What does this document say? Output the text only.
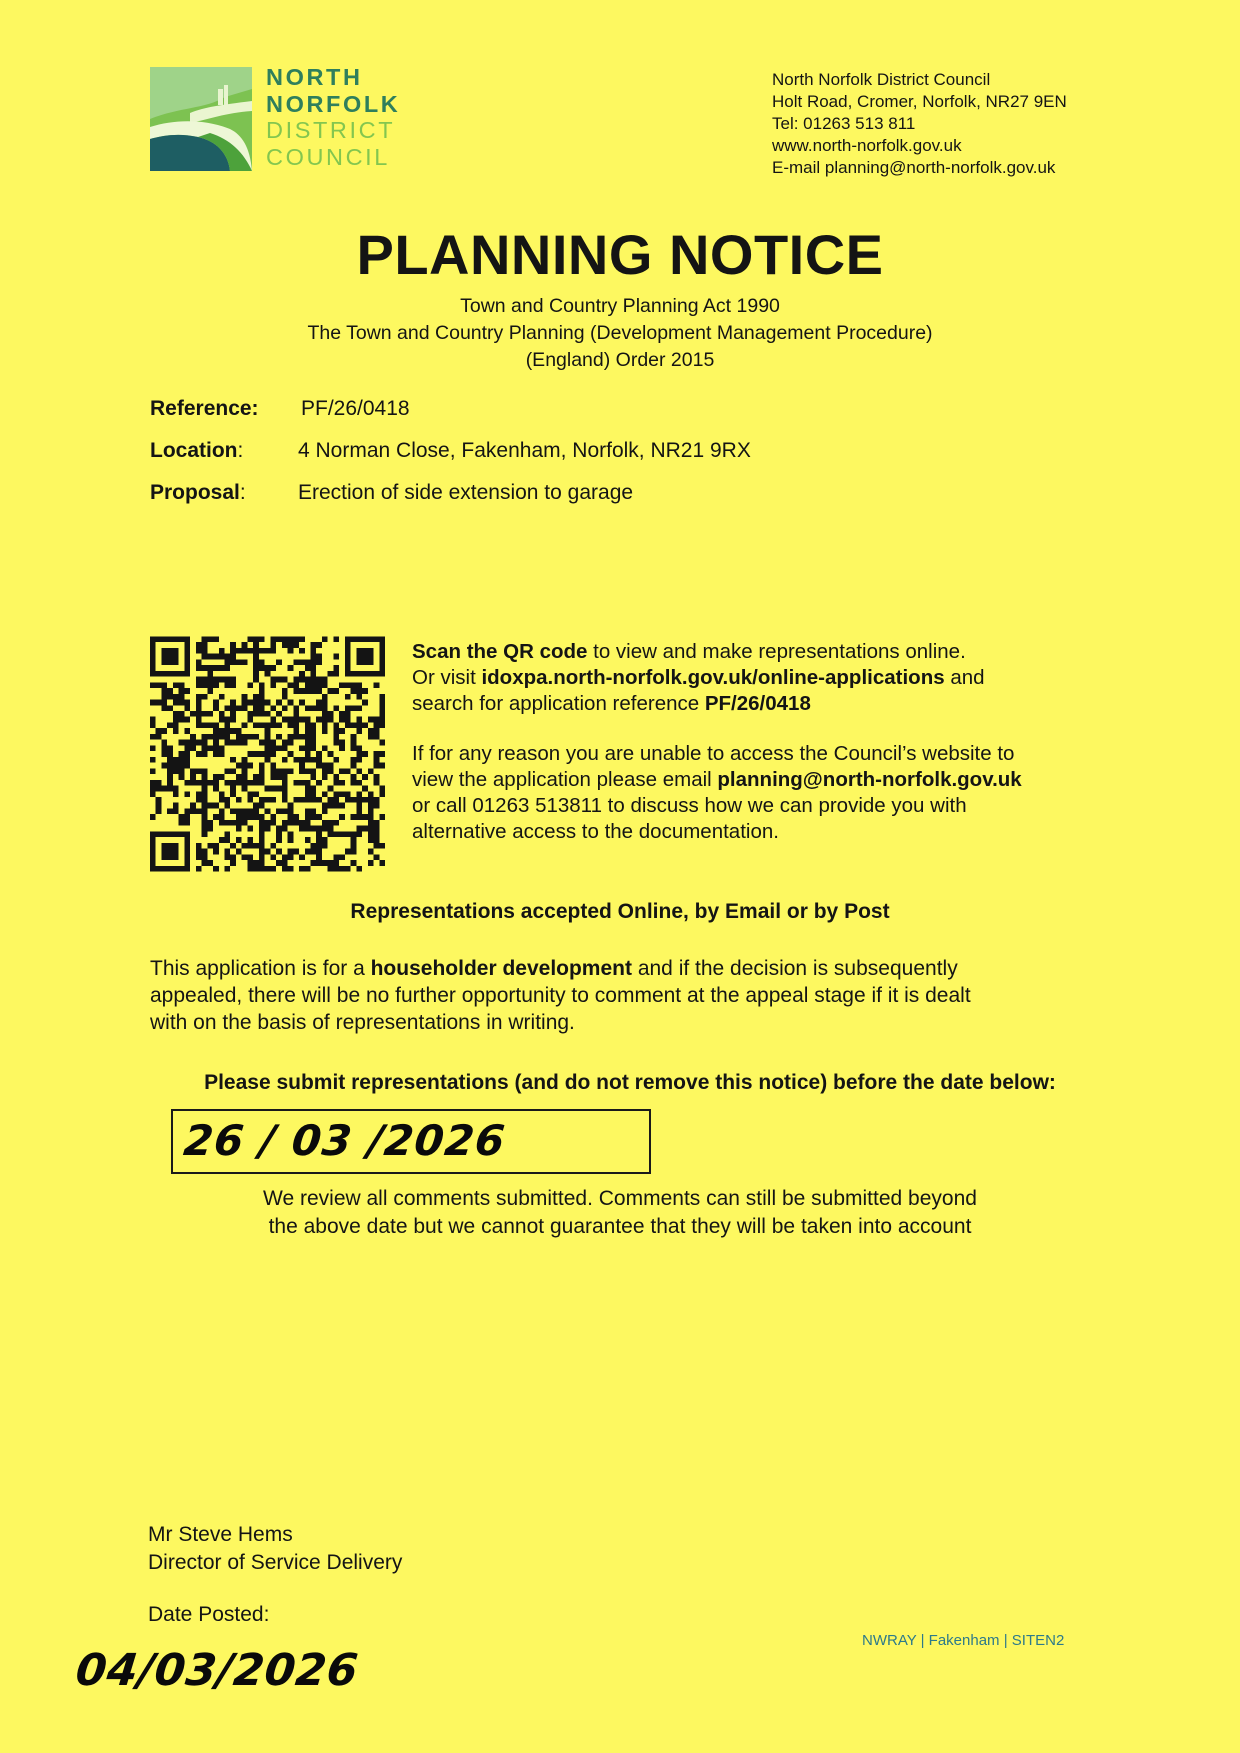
NORTH
NORFOLK
DISTRICT
COUNCIL
North Norfolk District Council
Holt Road, Cromer, Norfolk, NR27 9EN
Tel: 01263 513 811
www.north-norfolk.gov.uk
E-mail planning@north-norfolk.gov.uk
PLANNING NOTICE
Town and Country Planning Act 1990
The Town and Country Planning (Development Management Procedure)
(England) Order 2015
Reference: PF/26/0418
Location:	4 Norman Close, Fakenham, Norfolk, NR21 9RX
Proposal: Erection of side extension to garage

Scan the QR code to view and make representations online.
Or visit idoxpa.north-norfolk.gov.uk/online-applications and
search for application reference PF/26/0418

If for any reason you are unable to access the Council’s website to
view the application please email planning@north-norfolk.gov.uk
or call 01263 513811 to discuss how we can provide you with
alternative access to the documentation.

Representations accepted Online, by Email or by Post
This application is for a householder development and if the decision is subsequently
appealed, there will be no further opportunity to comment at the appeal stage if it is dealt
with on the basis of representations in writing.
Please submit representations (and do not remove this notice) before the date below:
26 / 03 /2026
We review all comments submitted. Comments can still be submitted beyond
the above date but we cannot guarantee that they will be taken into account
Mr Steve Hems
Director of Service Delivery
Date Posted:
04/03/2026
NWRAY | Fakenham | SITEN2
